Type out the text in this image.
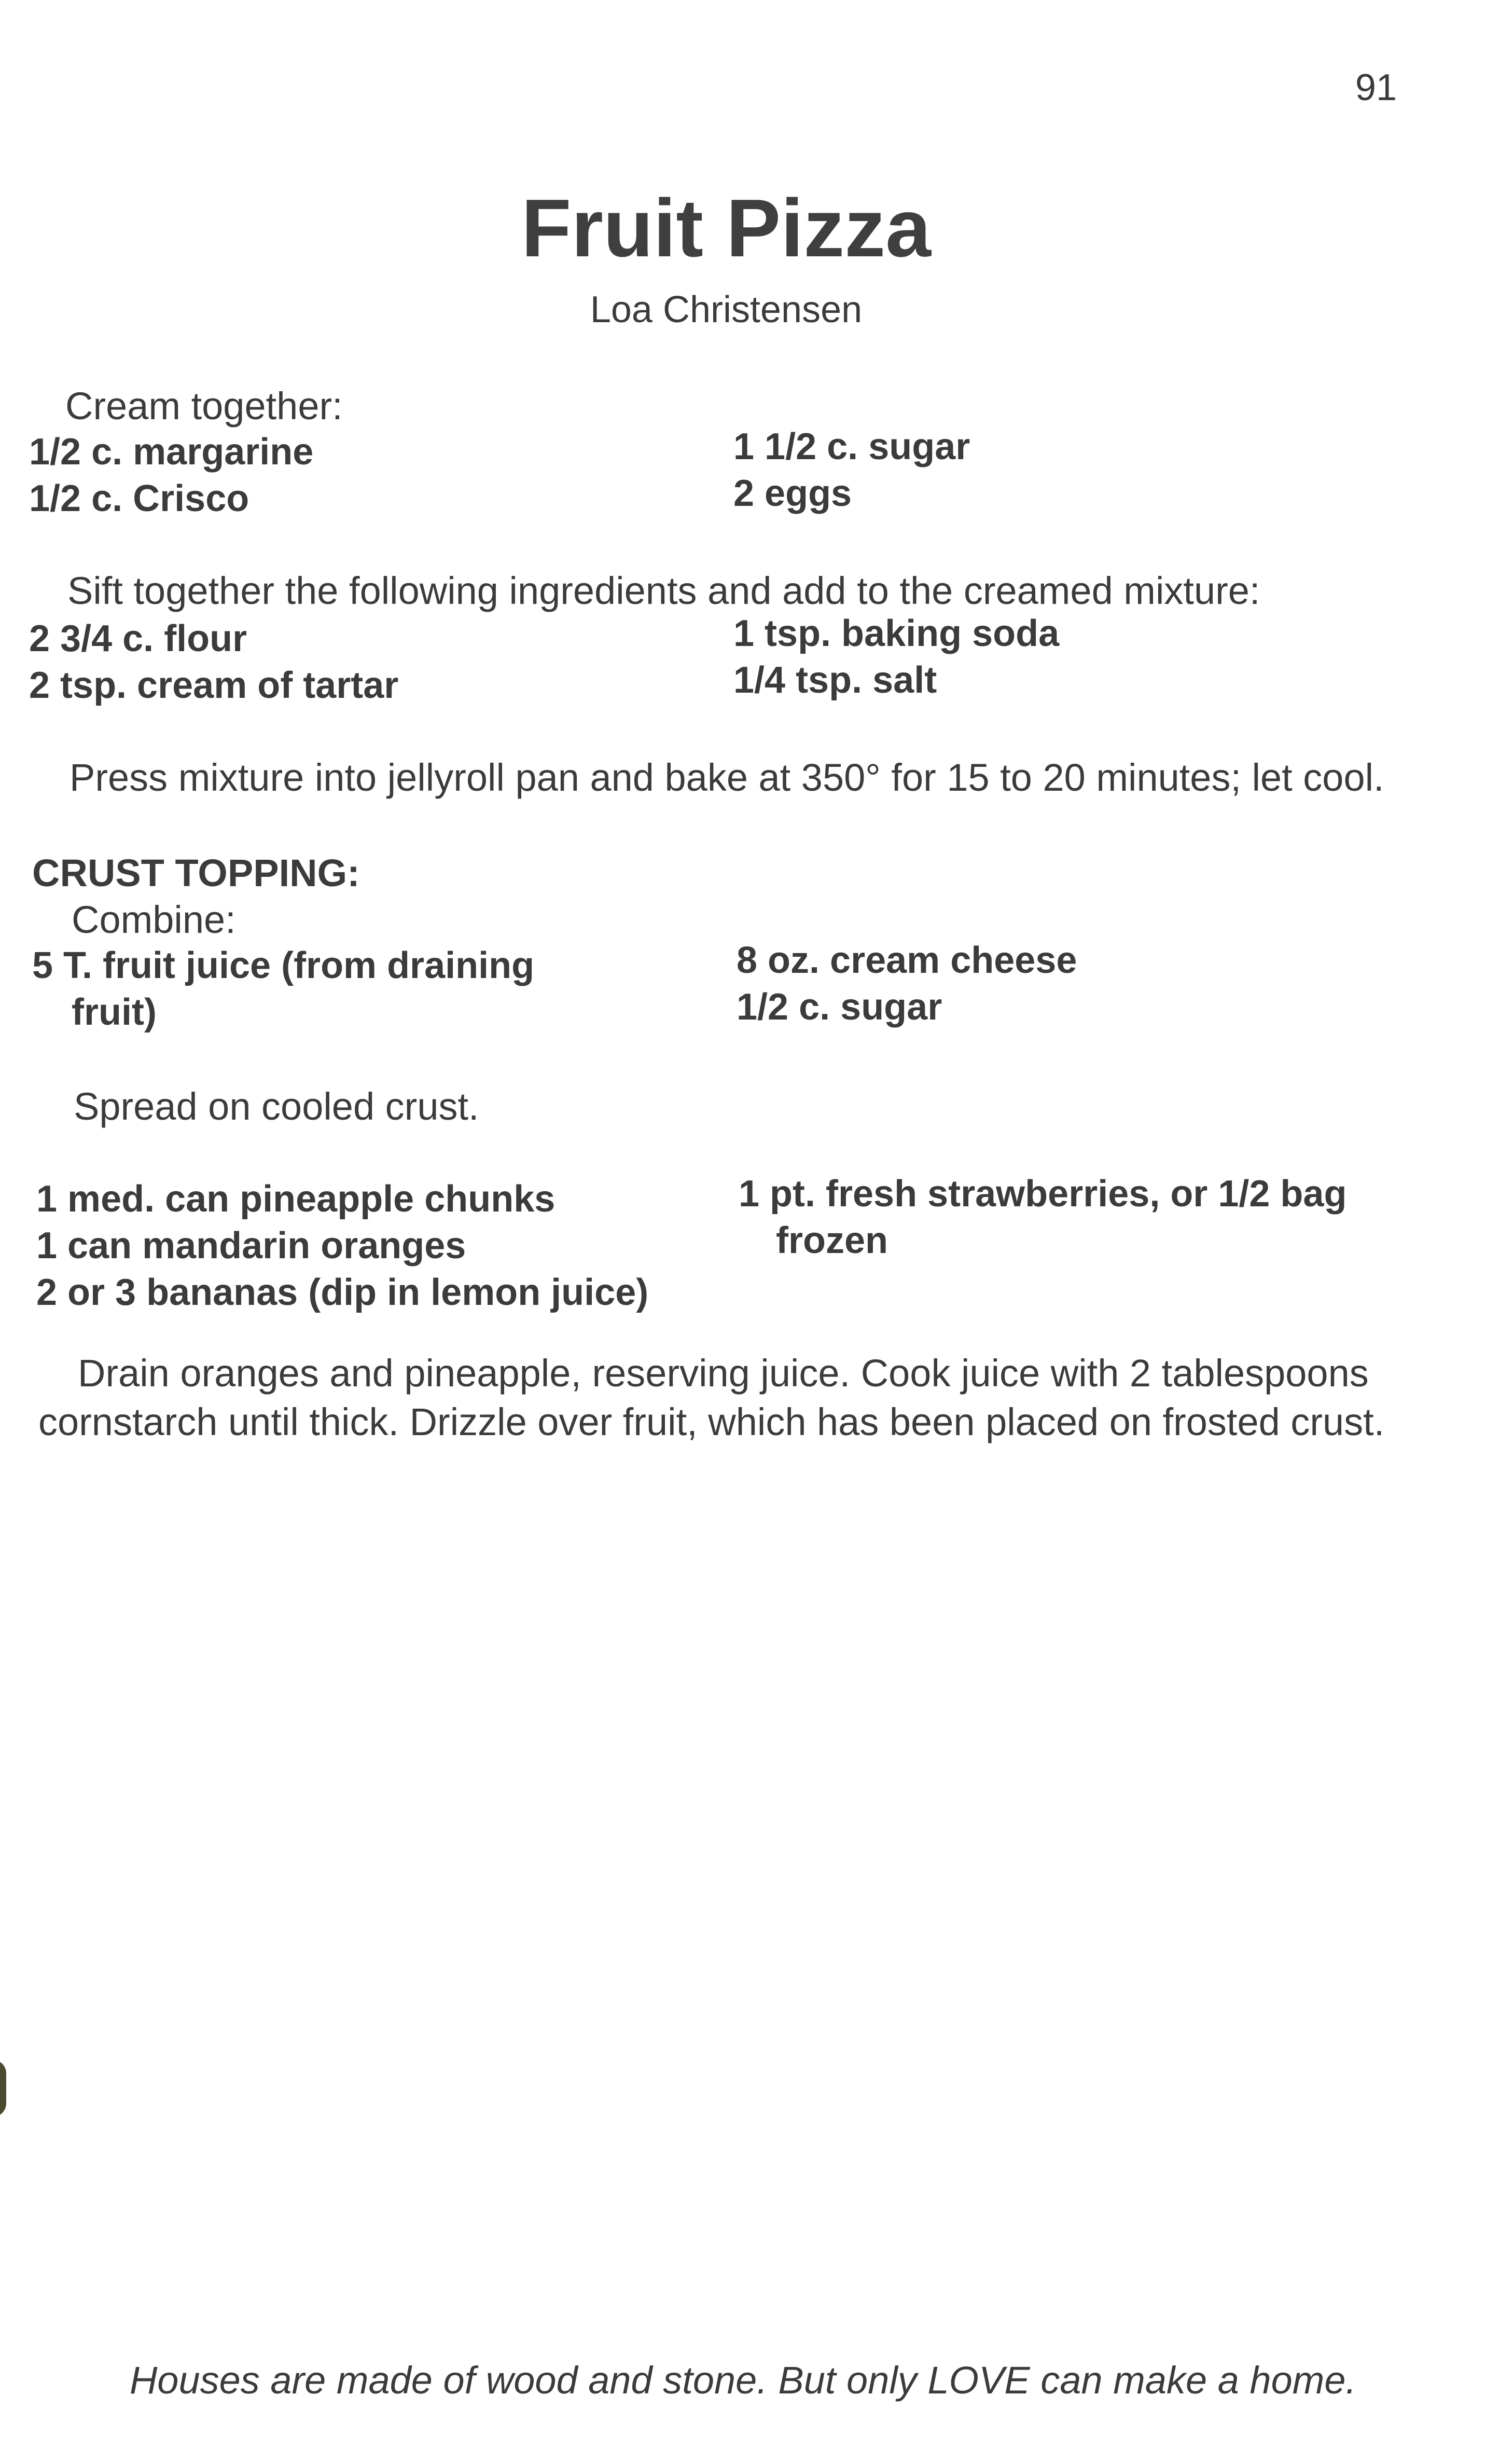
91
Fruit Pizza
Loa Christensen
Cream together:
1/2 c. margarine
1/2 c. Crisco
1 1/2 c. sugar
2 eggs
Sift together the following ingredients and add to the creamed mixture:
2 3/4 c. flour
2 tsp. cream of tartar
1 tsp. baking soda
1/4 tsp. salt
Press mixture into jellyroll pan and bake at 350° for 15 to 20 minutes; let cool.
CRUST TOPPING:
Combine:
5 T. fruit juice (from draining
fruit)
8 oz. cream cheese
1/2 c. sugar
Spread on cooled crust.
1 med. can pineapple chunks
1 can mandarin oranges
2 or 3 bananas (dip in lemon juice)
1 pt. fresh strawberries, or 1/2 bag
frozen
Drain oranges and pineapple, reserving juice. Cook juice with 2 tablespoons cornstarch until thick. Drizzle over fruit, which has been placed on frosted crust.
Houses are made of wood and stone. But only LOVE can make a home.
